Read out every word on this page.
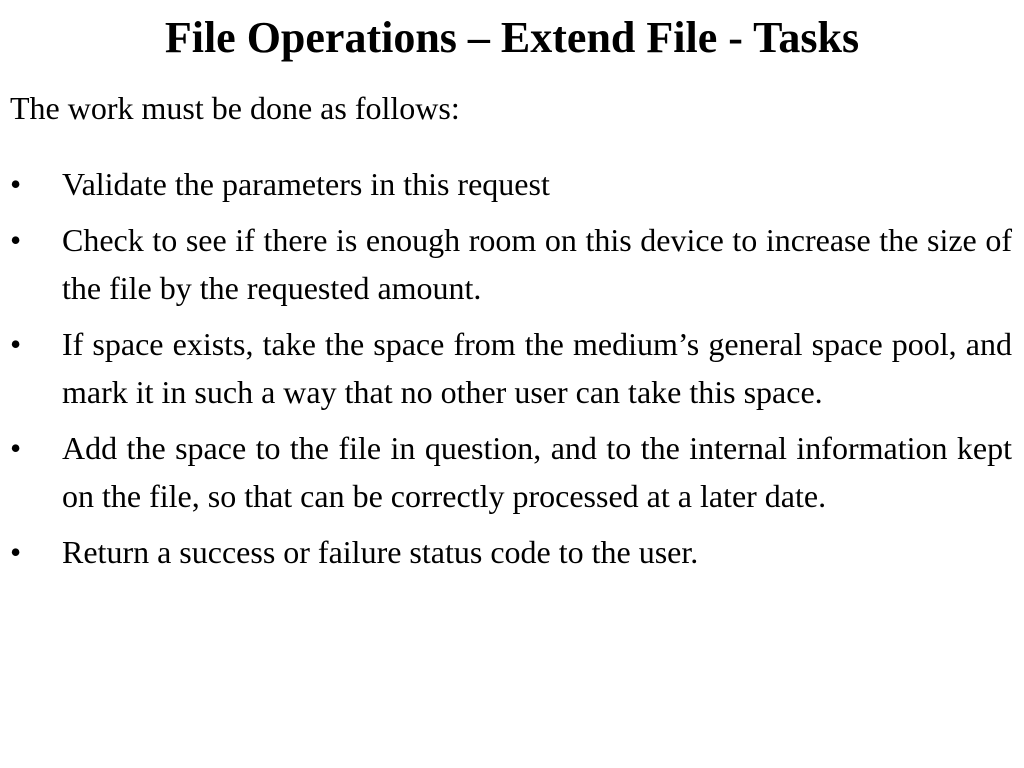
File Operations – Extend File - Tasks

The work must be done as follows:

• Validate the parameters in this request
• Check to see if there is enough room on this device to increase the size of the file by the requested amount.
• If space exists, take the space from the medium’s general space pool, and mark it in such a way that no other user can take this space.
• Add the space to the file in question, and to the internal information kept on the file, so that can be correctly processed at a later date.
• Return a success or failure status code to the user.
